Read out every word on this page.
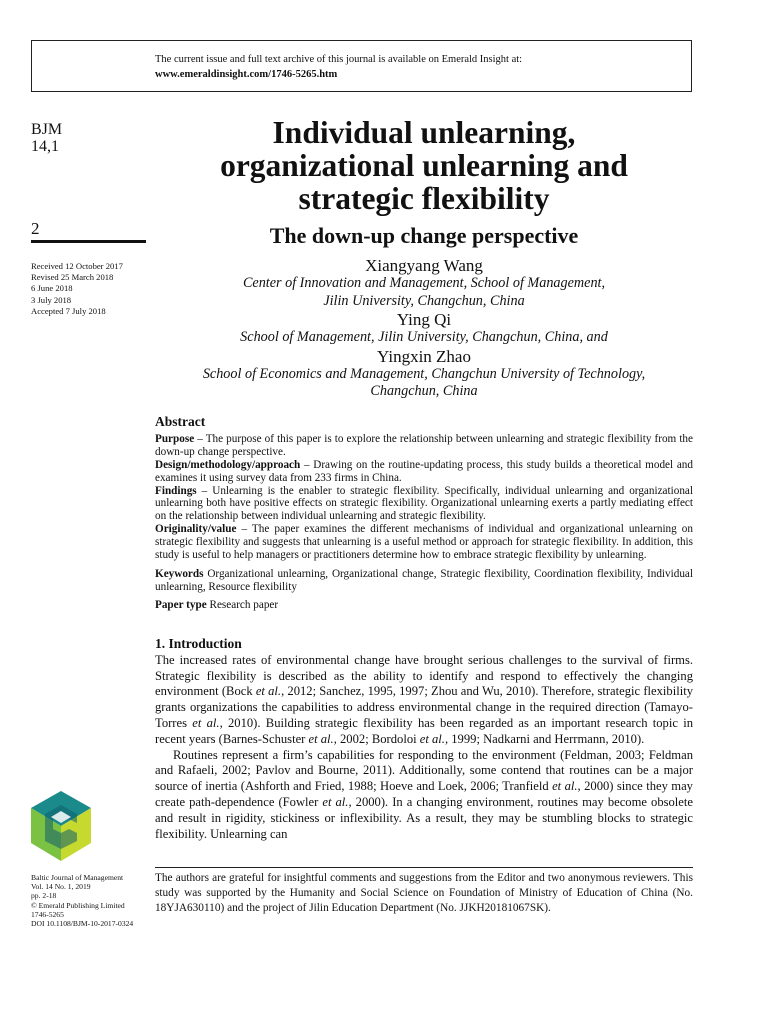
The current issue and full text archive of this journal is available on Emerald Insight at:
www.emeraldinsight.com/1746-5265.htm
BJM
14,1
2
Received 12 October 2017
Revised 25 March 2018
6 June 2018
3 July 2018
Accepted 7 July 2018
Individual unlearning,
organizational unlearning and
strategic flexibility
The down-up change perspective
Xiangyang Wang
Center of Innovation and Management, School of Management,
Jilin University, Changchun, China
Ying Qi
School of Management, Jilin University, Changchun, China, and
Yingxin Zhao
School of Economics and Management, Changchun University of Technology,
Changchun, China
Abstract

Purpose – The purpose of this paper is to explore the relationship between unlearning and strategic flexibility from the down-up change perspective.

Design/methodology/approach – Drawing on the routine-updating process, this study builds a theoretical model and examines it using survey data from 233 firms in China.

Findings – Unlearning is the enabler to strategic flexibility. Specifically, individual unlearning and organizational unlearning both have positive effects on strategic flexibility. Organizational unlearning exerts a partly mediating effect on the relationship between individual unlearning and strategic flexibility.

Originality/value – The paper examines the different mechanisms of individual and organizational unlearning on strategic flexibility and suggests that unlearning is a useful method or approach for strategic flexibility. In addition, this study is useful to help managers or practitioners determine how to embrace strategic flexibility by unlearning.

Keywords Organizational unlearning, Organizational change, Strategic flexibility, Coordination flexibility, Individual unlearning, Resource flexibility

Paper type Research paper

1. Introduction

The increased rates of environmental change have brought serious challenges to the survival of firms. Strategic flexibility is described as the ability to identify and respond to effectively the changing environment (Bock et al., 2012; Sanchez, 1995, 1997; Zhou and Wu, 2010). Therefore, strategic flexibility grants organizations the capabilities to address environmental change in the required direction (Tamayo-Torres et al., 2010). Building strategic flexibility has been regarded as an important research topic in recent years (Barnes-Schuster et al., 2002; Bordoloi et al., 1999; Nadkarni and Herrmann, 2010).

Routines represent a firm’s capabilities for responding to the environment (Feldman, 2003; Feldman and Rafaeli, 2002; Pavlov and Bourne, 2011). Additionally, some contend that routines can be a major source of inertia (Ashforth and Fried, 1988; Hoeve and Loek, 2006; Tranfield et al., 2000) since they may create path-dependence (Fowler et al., 2000). In a changing environment, routines may become obsolete and result in rigidity, stickiness or inflexibility. As a result, they may be stumbling blocks to strategic flexibility. Unlearning can

The authors are grateful for insightful comments and suggestions from the Editor and two anonymous reviewers. This study was supported by the Humanity and Social Science on Foundation of Ministry of Education of China (No. 18YJA630110) and the project of Jilin Education Department (No. JJKH20181067SK).
Baltic Journal of Management
Vol. 14 No. 1, 2019
pp. 2-18
© Emerald Publishing Limited
1746-5265
DOI 10.1108/BJM-10-2017-0324
